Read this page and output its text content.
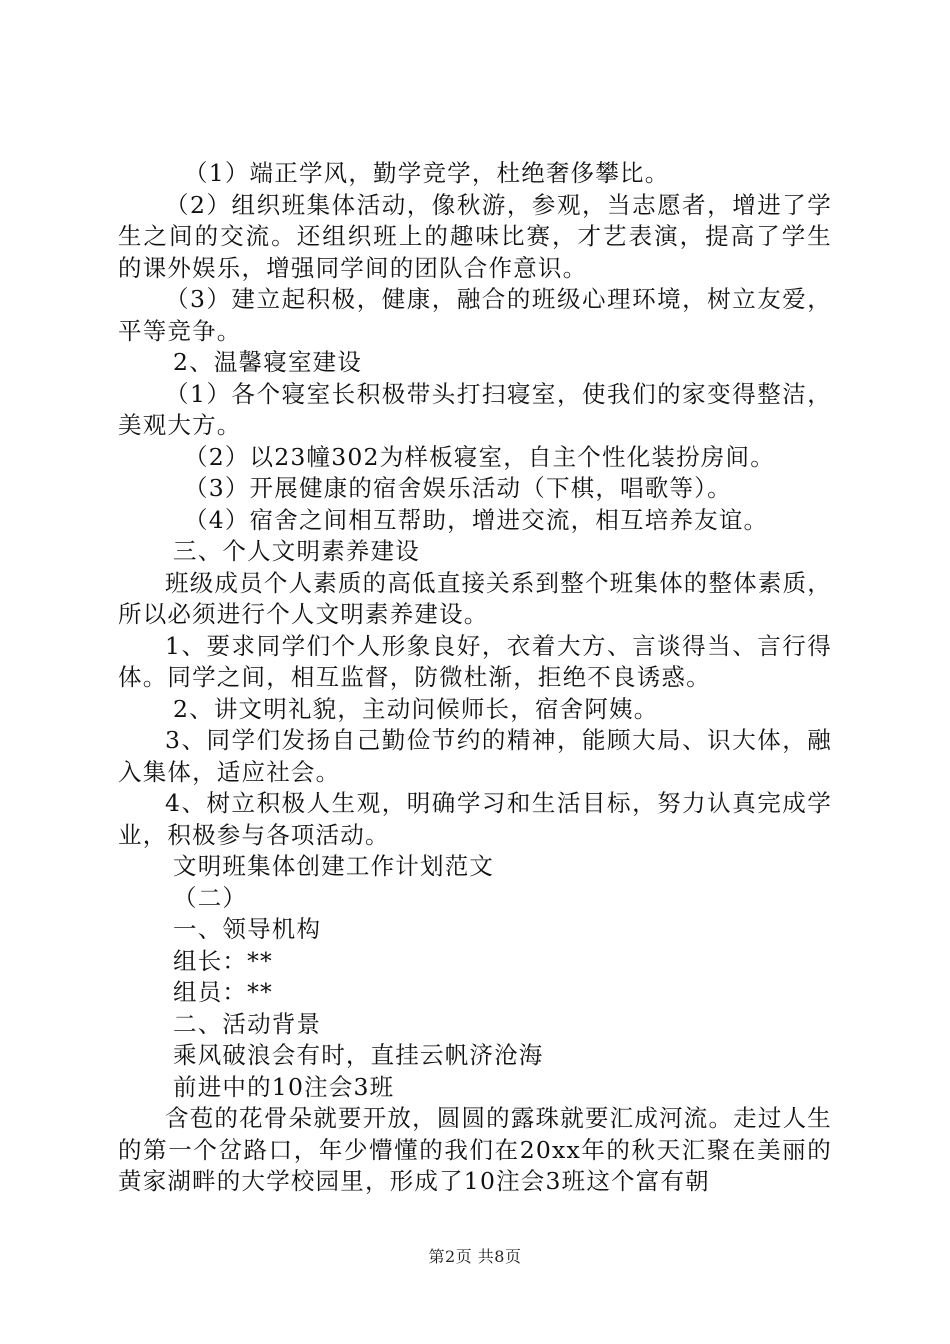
（1）端正学风，勤学竞学，杜绝奢侈攀比。

（2）组织班集体活动，像秋游，参观，当志愿者，增进了学生之间的交流。还组织班上的趣味比赛，才艺表演，提高了学生的课外娱乐，增强同学间的团队合作意识。

（3）建立起积极，健康，融合的班级心理环境，树立友爱，平等竞争。

2、温馨寝室建设

（1）各个寝室长积极带头打扫寝室，使我们的家变得整洁，美观大方。

（2）以23幢302为样板寝室，自主个性化装扮房间。

（3）开展健康的宿舍娱乐活动（下棋，唱歌等）。

（4）宿舍之间相互帮助，增进交流，相互培养友谊。

三、个人文明素养建设

班级成员个人素质的高低直接关系到整个班集体的整体素质，所以必须进行个人文明素养建设。

1、要求同学们个人形象良好，衣着大方、言谈得当、言行得体。同学之间，相互监督，防微杜渐，拒绝不良诱惑。

2、讲文明礼貌，主动问候师长，宿舍阿姨。

3、同学们发扬自己勤俭节约的精神，能顾大局、识大体，融入集体，适应社会。

4、树立积极人生观，明确学习和生活目标，努力认真完成学业，积极参与各项活动。

文明班集体创建工作计划范文

（二）

一、领导机构

组长：**

组员：**

二、活动背景

乘风破浪会有时，直挂云帆济沧海

前进中的10注会3班

含苞的花骨朵就要开放，圆圆的露珠就要汇成河流。走过人生的第一个岔路口，年少懵懂的我们在20xx年的秋天汇聚在美丽的黄家湖畔的大学校园里，形成了10注会3班这个富有朝

第2页 共8页
